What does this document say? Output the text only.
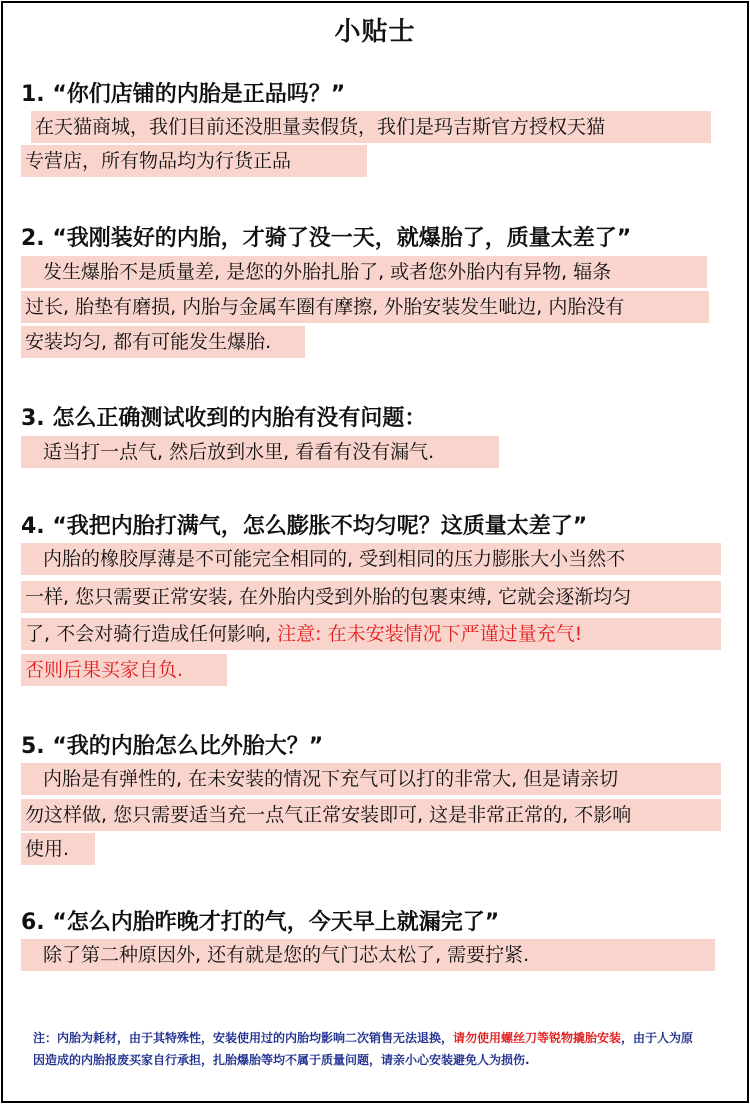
小贴士
1. “你们店铺的内胎是正品吗？”
在天猫商城，我们目前还没胆量卖假货，我们是玛吉斯官方授权天猫
专营店，所有物品均为行货正品
2. “我刚装好的内胎，才骑了没一天，就爆胎了，质量太差了”
发生爆胎不是质量差, 是您的外胎扎胎了, 或者您外胎内有异物, 辐条
过长, 胎垫有磨损, 内胎与金属车圈有摩擦, 外胎安装发生呲边, 内胎没有
安装均匀, 都有可能发生爆胎.
3. 怎么正确测试收到的内胎有没有问题：
适当打一点气, 然后放到水里, 看看有没有漏气.
4. “我把内胎打满气，怎么膨胀不均匀呢？这质量太差了”
内胎的橡胶厚薄是不可能完全相同的, 受到相同的压力膨胀大小当然不
一样, 您只需要正常安装, 在外胎内受到外胎的包裹束缚, 它就会逐渐均匀
了, 不会对骑行造成任何影响, 注意: 在未安装情况下严谨过量充气!
否则后果买家自负.
5. “我的内胎怎么比外胎大？”
内胎是有弹性的, 在未安装的情况下充气可以打的非常大, 但是请亲切
勿这样做, 您只需要适当充一点气正常安装即可, 这是非常正常的, 不影响
使用.
6. “怎么内胎昨晚才打的气，今天早上就漏完了”
除了第二种原因外, 还有就是您的气门芯太松了, 需要拧紧.
注：内胎为耗材，由于其特殊性，安装使用过的内胎均影响二次销售无法退换，请勿使用螺丝刀等锐物撬胎安装，由于人为原因造成的内胎报废买家自行承担，扎胎爆胎等均不属于质量问题，请亲小心安装避免人为损伤.
